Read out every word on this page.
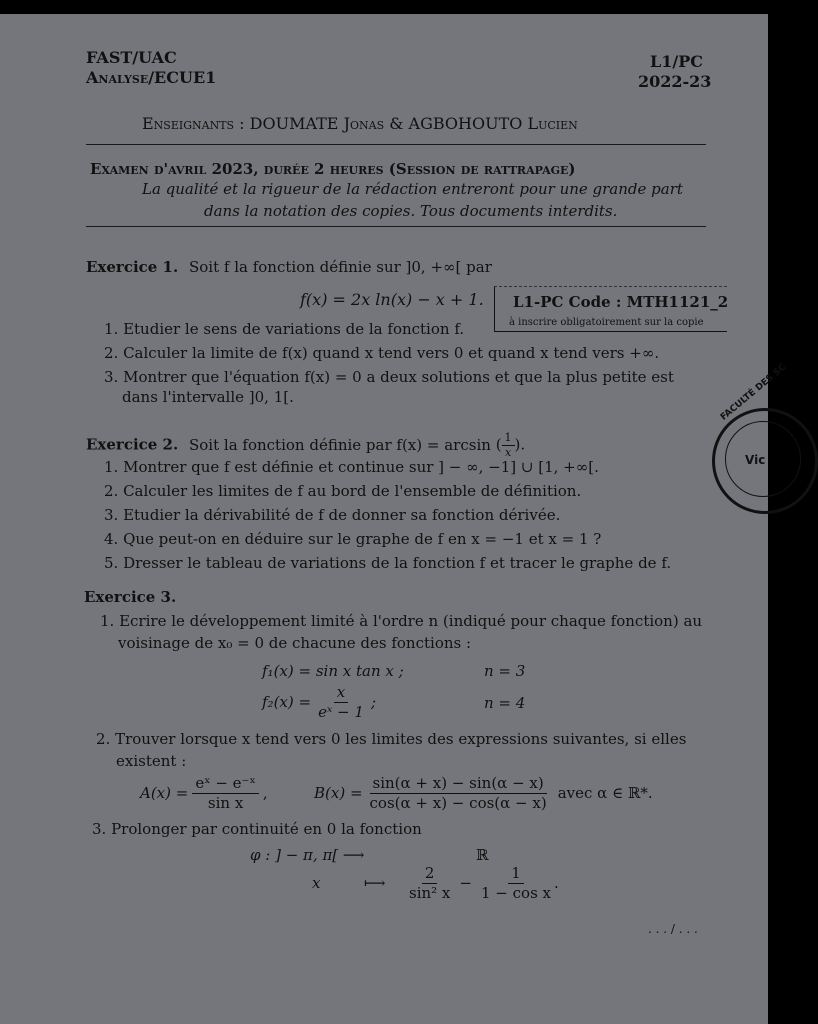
FAST/UAC
Analyse/ECUE1
L1/PC
2022-23
Enseignants : DOUMATE Jonas & AGBOHOUTO Lucien
Examen d'avril 2023, durée 2 heures (Session de rattrapage)
La qualité et la rigueur de la rédaction entreront pour une grande part
dans la notation des copies. Tous documents interdits.
Exercice 1. Soit f la fonction définie sur ]0, +∞[ par
f(x) = 2x ln(x) − x + 1. L1-PC Code : MTH1121_2
à inscrire obligatoirement sur la copie
1. Etudier le sens de variations de la fonction f.
2. Calculer la limite de f(x) quand x tend vers 0 et quand x tend vers +∞.
3. Montrer que l'équation f(x) = 0 a deux solutions et que la plus petite est
dans l'intervalle ]0, 1[.
Exercice 2. Soit la fonction définie par f(x) = arcsin ( $\frac{1}{x}$ ).
1. Montrer que f est définie et continue sur ] − ∞, −1] ∪ [1, +∞[.
2. Calculer les limites de f au bord de l'ensemble de définition.
3. Etudier la dérivabilité de f de donner sa fonction dérivée.
4. Que peut-on en déduire sur le graphe de f en x = −1 et x = 1 ?
5. Dresser le tableau de variations de la fonction f et tracer le graphe de f.
Exercice 3.
1. Ecrire le développement limité à l'ordre n (indiqué pour chaque fonction) au
voisinage de x₀ = 0 de chacune des fonctions :
f₁(x) = sin x tan x ;	n = 3
$f_2(x) = \frac{x}{\text{eˣ − 1}}$ ;	n = 4
2. Trouver lorsque x tend vers 0 les limites des expressions suivantes, si elles
existent :
$A(x) = \frac{\text{eˣ − e⁻ˣ}}{\text{sin x}}$ ,	$B(x) = \frac{\sin(\alpha + x) - \sin(\alpha - x)}{\cos(\alpha + x) - \cos(\alpha - x)}$ avec α ∈ ℝ*.
3. Prolonger par continuité en 0 la fonction
φ : ] − π, π[ ⟶	ℝ
x	⟼	$\frac{2}{\text{sin² x}} - \frac{1}{\text{1 − cos x}}$ .
. . . / . . .
FACULTÉ DES SC
Vic
